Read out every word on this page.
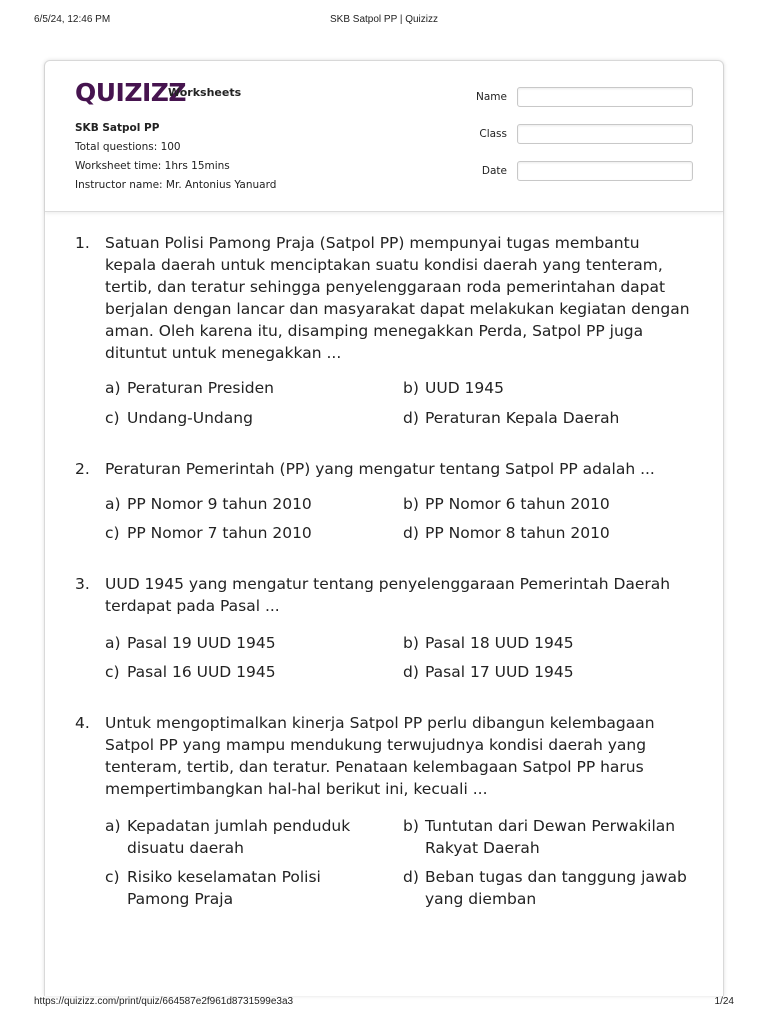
6/5/24, 12:46 PM	SKB Satpol PP | Quizizz
QUIZIZZ
Worksheets
SKB Satpol PP
Total questions: 100
Worksheet time: 1hrs 15mins
Instructor name: Mr. Antonius Yanuard
Name
Class
Date
1. Satuan Polisi Pamong Praja (Satpol PP) mempunyai tugas membantu kepala daerah untuk menciptakan suatu kondisi daerah yang tenteram, tertib, dan teratur sehingga penyelenggaraan roda pemerintahan dapat berjalan dengan lancar dan masyarakat dapat melakukan kegiatan dengan aman. Oleh karena itu, disamping menegakkan Perda, Satpol PP juga dituntut untuk menegakkan ...
a) Peraturan Presiden	b) UUD 1945
c) Undang-Undang	d) Peraturan Kepala Daerah
2. Peraturan Pemerintah (PP) yang mengatur tentang Satpol PP adalah ...
a) PP Nomor 9 tahun 2010	b) PP Nomor 6 tahun 2010
c) PP Nomor 7 tahun 2010	d) PP Nomor 8 tahun 2010
3. UUD 1945 yang mengatur tentang penyelenggaraan Pemerintah Daerah terdapat pada Pasal ...
a) Pasal 19 UUD 1945	b) Pasal 18 UUD 1945
c) Pasal 16 UUD 1945	d) Pasal 17 UUD 1945
4. Untuk mengoptimalkan kinerja Satpol PP perlu dibangun kelembagaan Satpol PP yang mampu mendukung terwujudnya kondisi daerah yang tenteram, tertib, dan teratur. Penataan kelembagaan Satpol PP harus mempertimbangkan hal-hal berikut ini, kecuali ...
a) Kepadatan jumlah penduduk disuatu daerah
b) Tuntutan dari Dewan Perwakilan Rakyat Daerah
c) Risiko keselamatan Polisi Pamong Praja
d) Beban tugas dan tanggung jawab yang diemban
https://quizizz.com/print/quiz/664587e2f961d8731599e3a3	1/24
